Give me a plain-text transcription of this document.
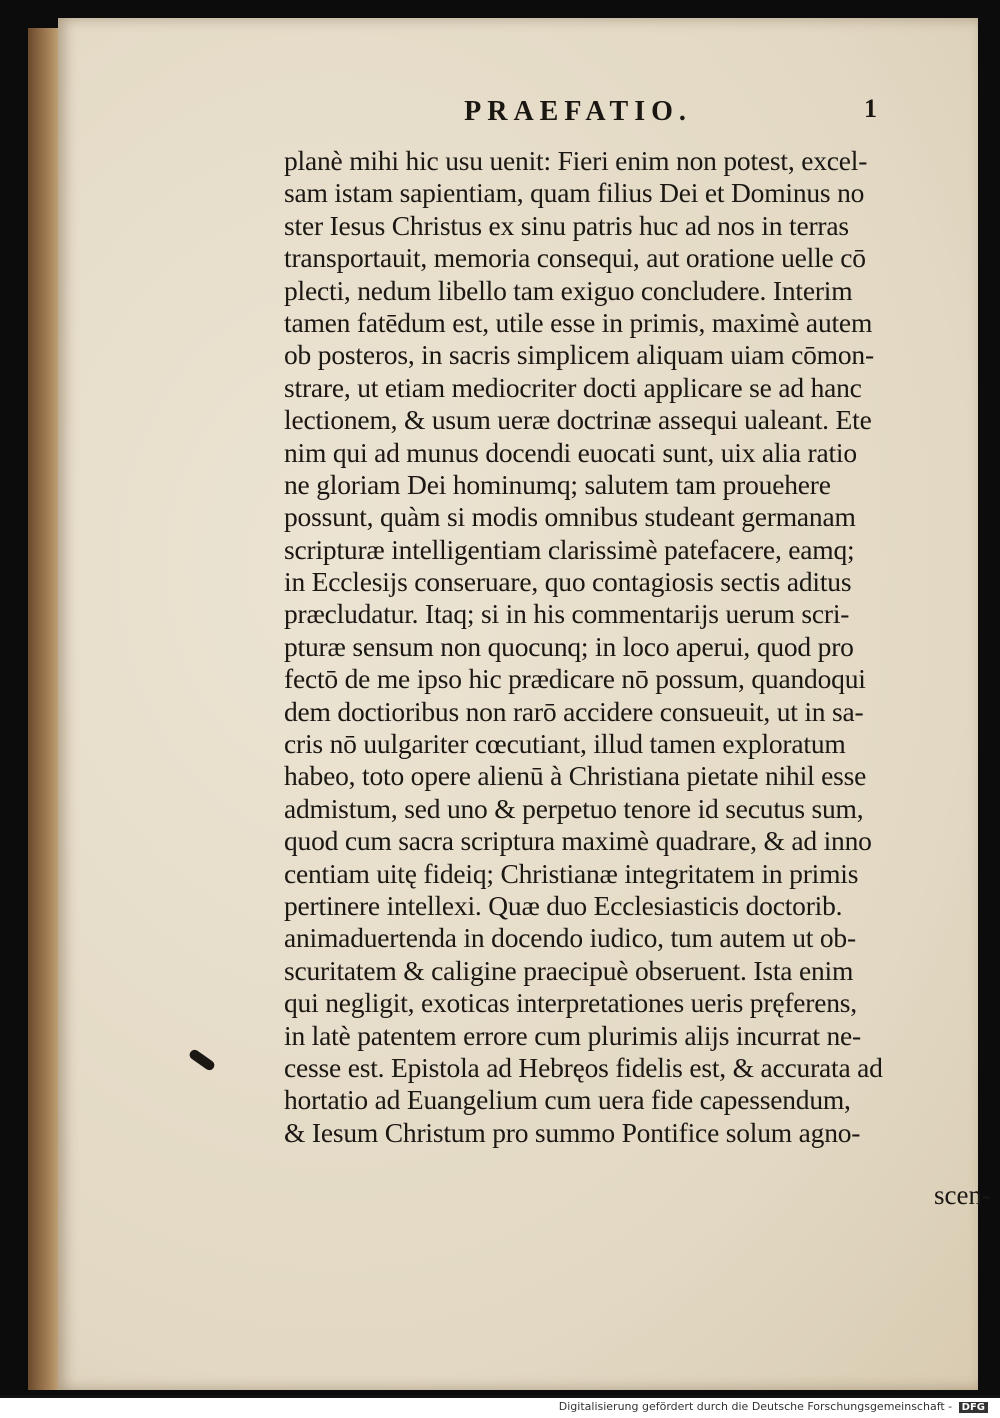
PRAEFATIO.	1
planè mihi hic usu uenit: Fieri enim non potest, excel-
sam istam sapientiam, quam filius Dei et Dominus no
ster Iesus Christus ex sinu patris huc ad nos in terras
transportauit, memoria consequi, aut oratione uelle cō
plecti, nedum libello tam exiguo concludere. Interim
tamen fatēdum est, utile esse in primis, maximè autem
ob posteros, in sacris simplicem aliquam uiam cōmon-
strare, ut etiam mediocriter docti applicare se ad hanc
lectionem, & usum ueræ doctrinæ assequi ualeant. Ete
nim qui ad munus docendi euocati sunt, uix alia ratio
ne gloriam Dei hominumq; salutem tam prouehere
possunt, quàm si modis omnibus studeant germanam
scripturæ intelligentiam clarissimè patefacere, eamq;
in Ecclesijs conseruare, quo contagiosis sectis aditus
præcludatur. Itaq; si in his commentarijs uerum scri-
pturæ sensum non quocunq; in loco aperui, quod pro
fectō de me ipso hic prædicare nō possum, quandoqui
dem doctioribus non rarō accidere consueuit, ut in sa-
cris nō uulgariter cœcutiant, illud tamen exploratum
habeo, toto opere alienū à Christiana pietate nihil esse
admistum, sed uno & perpetuo tenore id secutus sum,
quod cum sacra scriptura maximè quadrare, & ad inno
centiam uitę fideiq; Christianæ integritatem in primis
pertinere intellexi. Quæ duo Ecclesiasticis doctorib.
animaduertenda in docendo iudico, tum autem ut ob-
scuritatem & caligine praecipuè obseruent. Ista enim
qui negligit, exoticas interpretationes ueris pręferens,
in latè patentem errore cum plurimis alijs incurrat ne-
cesse est. Epistola ad Hebręos fidelis est, & accurata ad
hortatio ad Euangelium cum uera fide capessendum,
& Iesum Christum pro summo Pontifice solum agno-
scen-
Digitalisierung gefördert durch die Deutsche Forschungsgemeinschaft - DFG
